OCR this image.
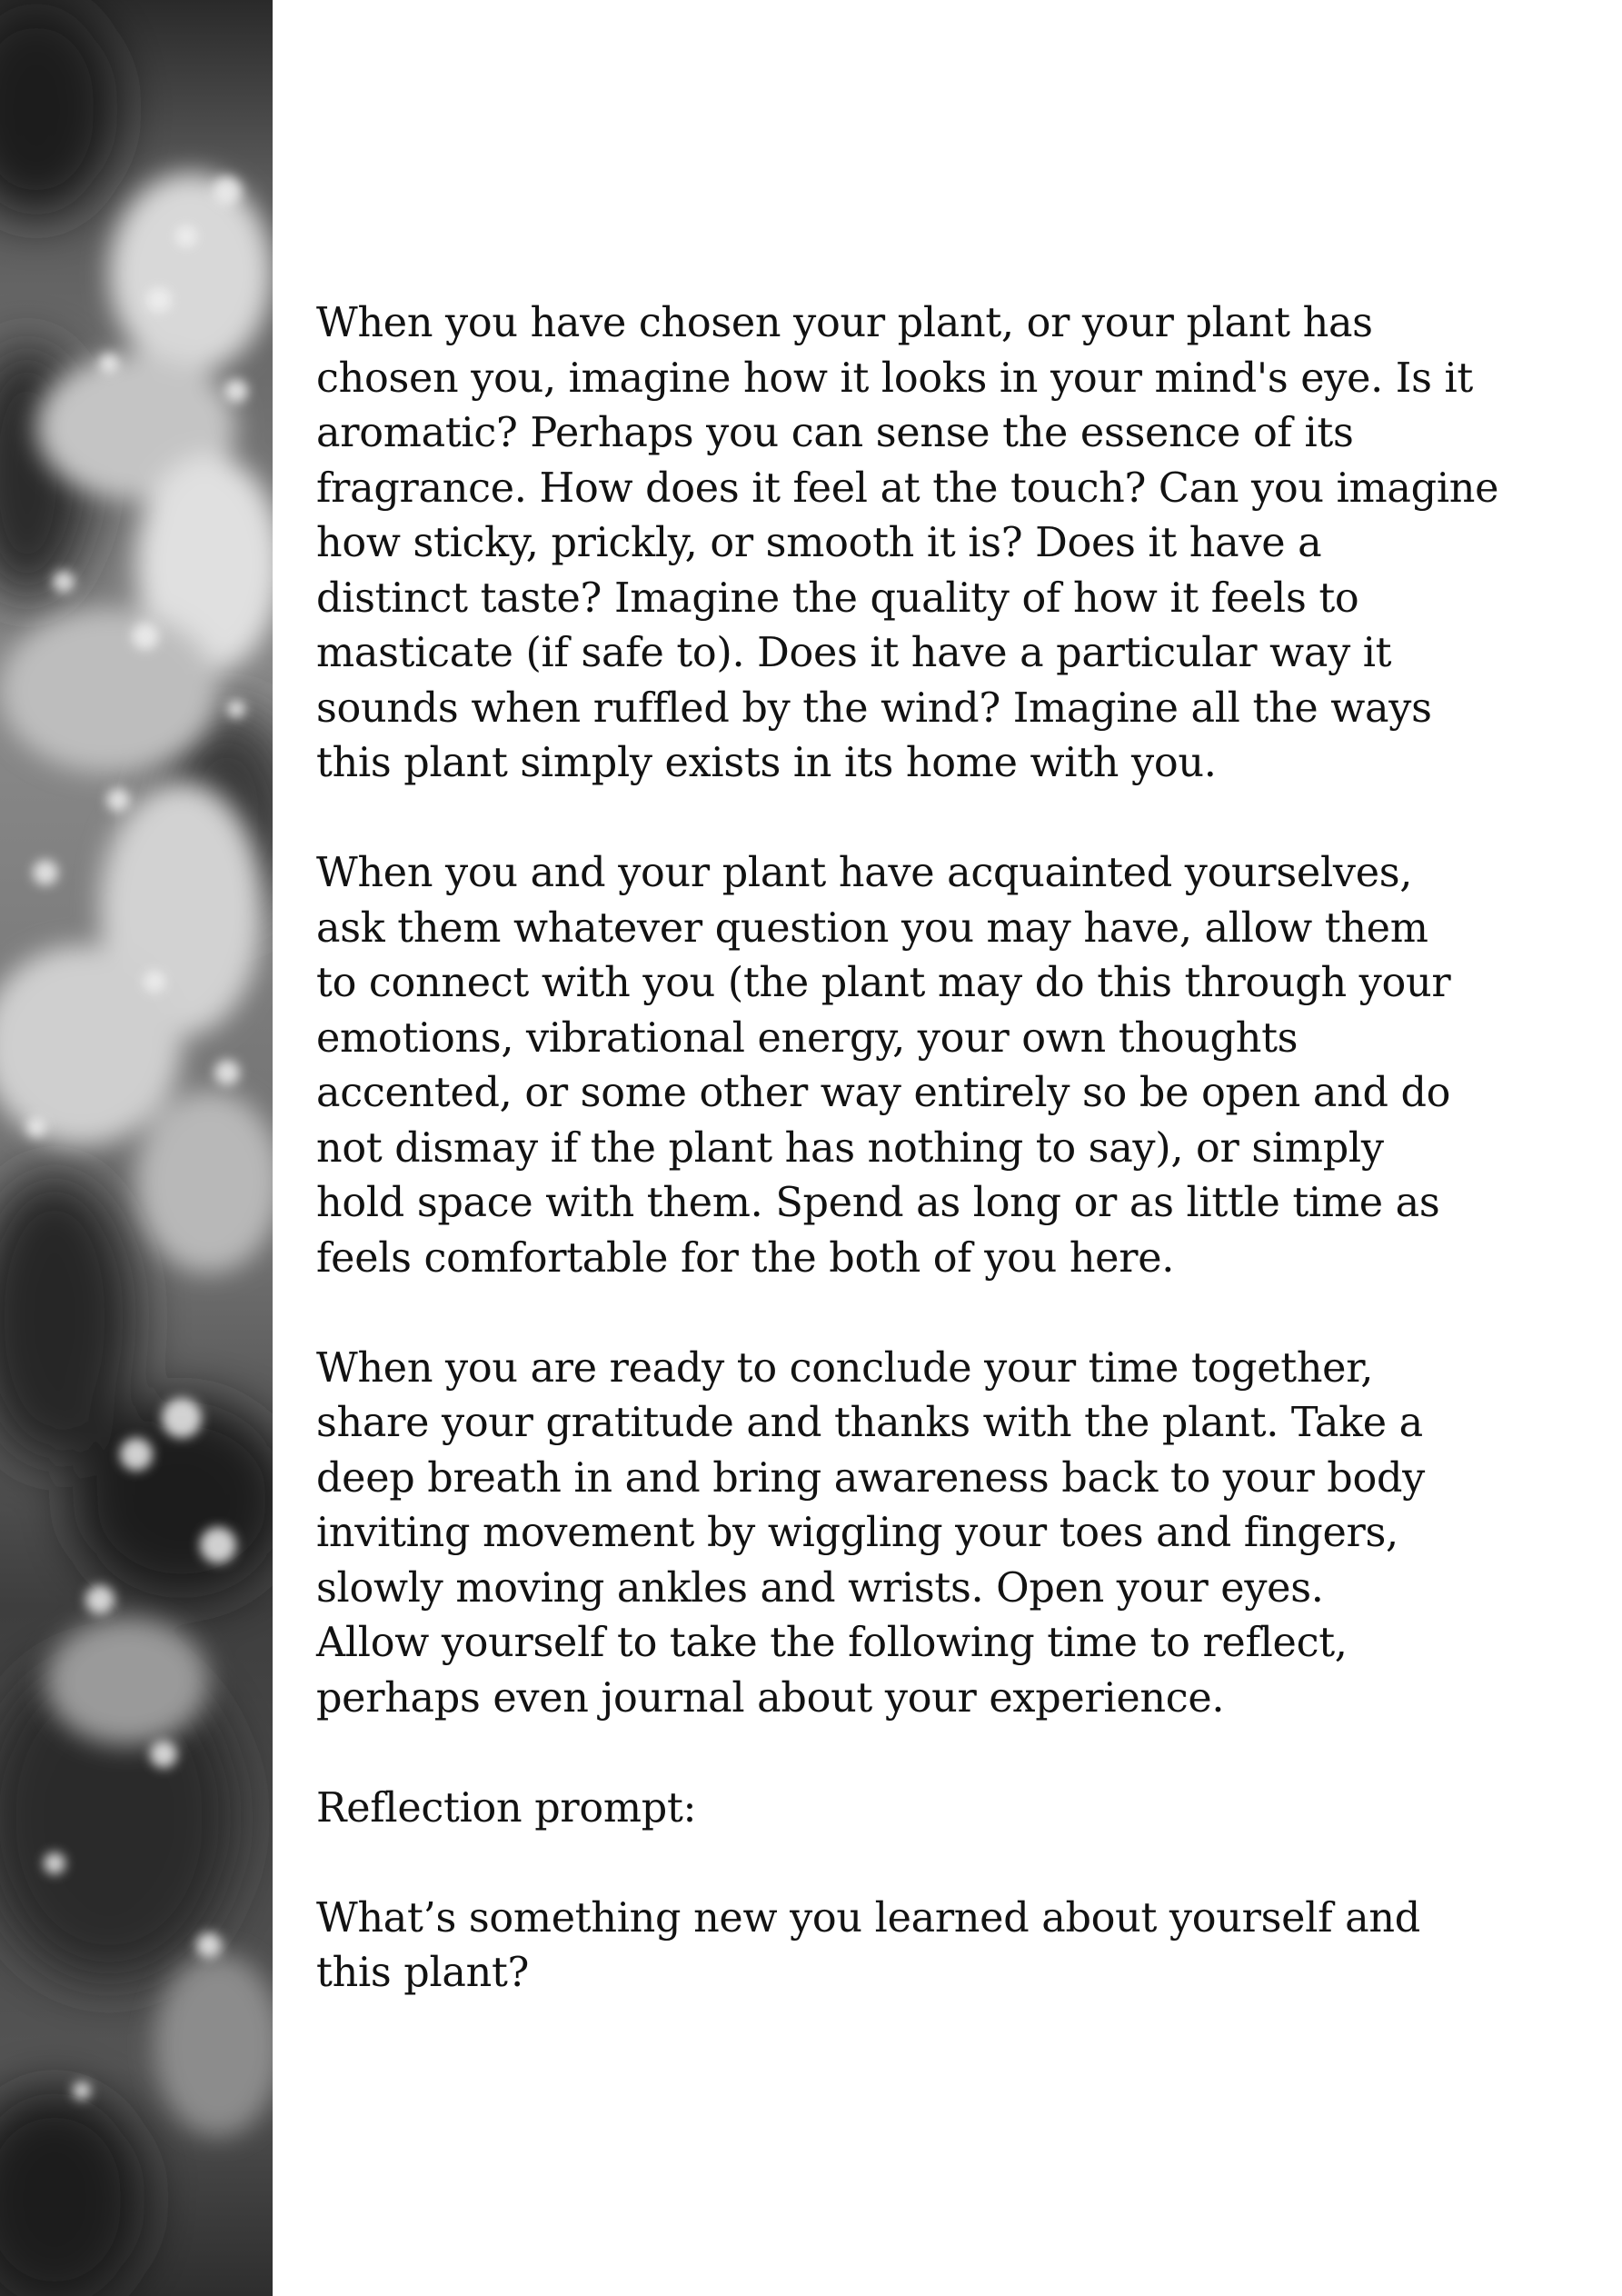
When you have chosen your plant, or your plant has
chosen you, imagine how it looks in your mind's eye. Is it
aromatic? Perhaps you can sense the essence of its
fragrance. How does it feel at the touch? Can you imagine
how sticky, prickly, or smooth it is? Does it have a
distinct taste? Imagine the quality of how it feels to
masticate (if safe to). Does it have a particular way it
sounds when ruffled by the wind? Imagine all the ways
this plant simply exists in its home with you.

When you and your plant have acquainted yourselves,
ask them whatever question you may have, allow them
to connect with you (the plant may do this through your
emotions, vibrational energy, your own thoughts
accented, or some other way entirely so be open and do
not dismay if the plant has nothing to say), or simply
hold space with them. Spend as long or as little time as
feels comfortable for the both of you here.

When you are ready to conclude your time together,
share your gratitude and thanks with the plant. Take a
deep breath in and bring awareness back to your body
inviting movement by wiggling your toes and fingers,
slowly moving ankles and wrists. Open your eyes.
Allow yourself to take the following time to reflect,
perhaps even journal about your experience.

Reflection prompt:

What’s something new you learned about yourself and
this plant?
